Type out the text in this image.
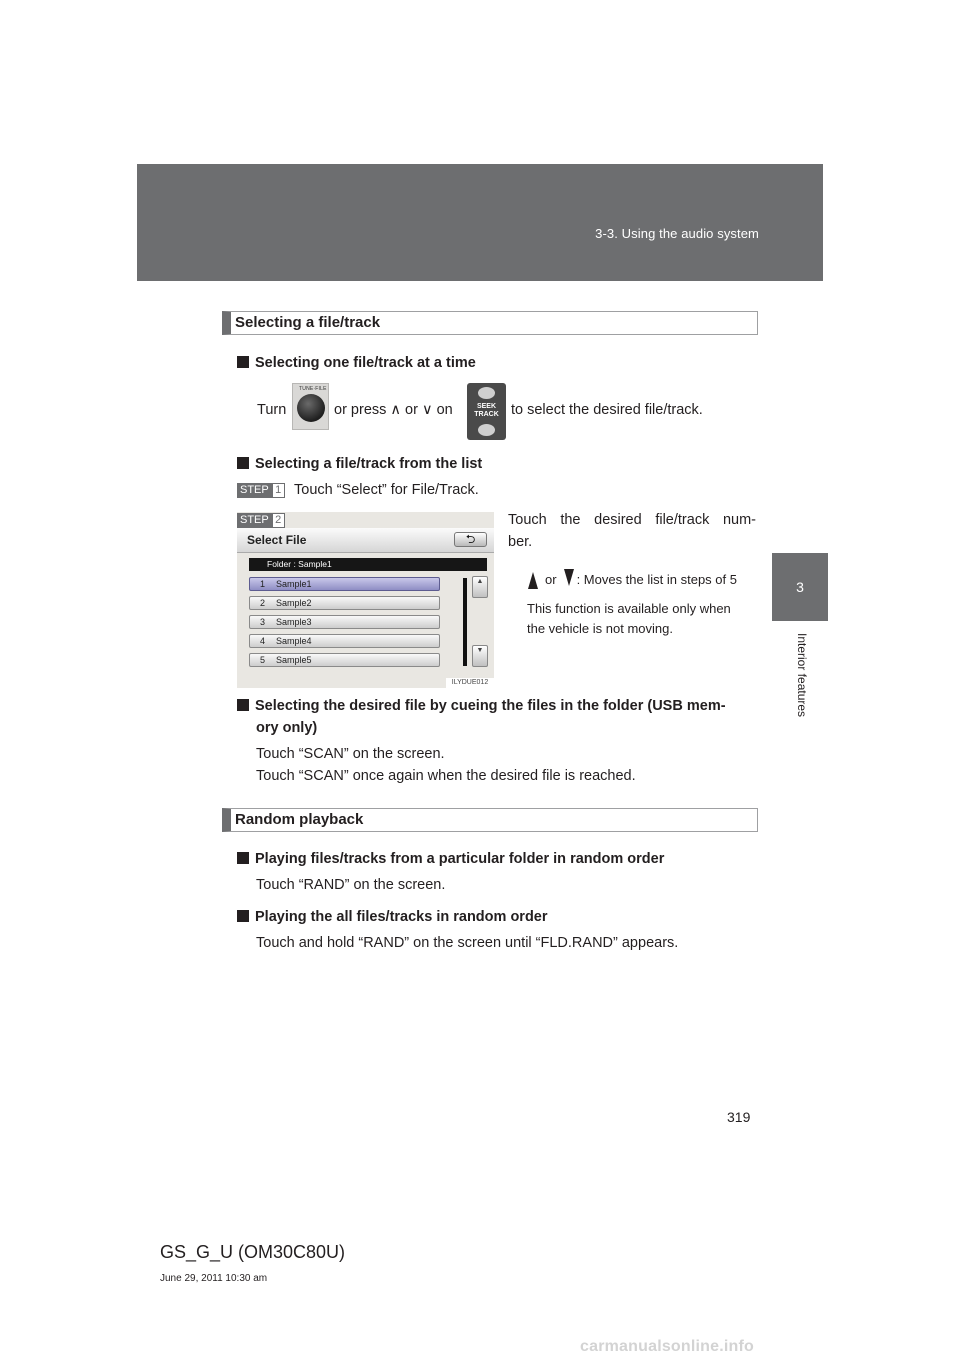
3-3. Using the audio system
3
Interior features
Selecting a file/track
Selecting one file/track at a time
Turn
TUNE·FILE
or press ∧ or ∨ on	SEEK
TRACK to select the desired file/track.
Selecting a file/track from the list
STEP 1 Touch “Select” for File/Track.
STEP 2
Select File	⮌
Folder : Sample1
1 Sample1
2 Sample2
3 Sample3
4 Sample4
5 Sample5
▲
▼
ILYDUE012
Touch the desired file/track num-
ber.
or : Moves the list in steps of 5
This function is available only when
the vehicle is not moving.
Selecting the desired file by cueing the files in the folder (USB mem-
ory only)
Touch “SCAN” on the screen.
Touch “SCAN” once again when the desired file is reached.
Random playback
Playing files/tracks from a particular folder in random order
Touch “RAND” on the screen.
Playing the all files/tracks in random order
Touch and hold “RAND” on the screen until “FLD.RAND” appears.
319
GS_G_U (OM30C80U)
June 29, 2011 10:30 am
carmanualsonline.info
